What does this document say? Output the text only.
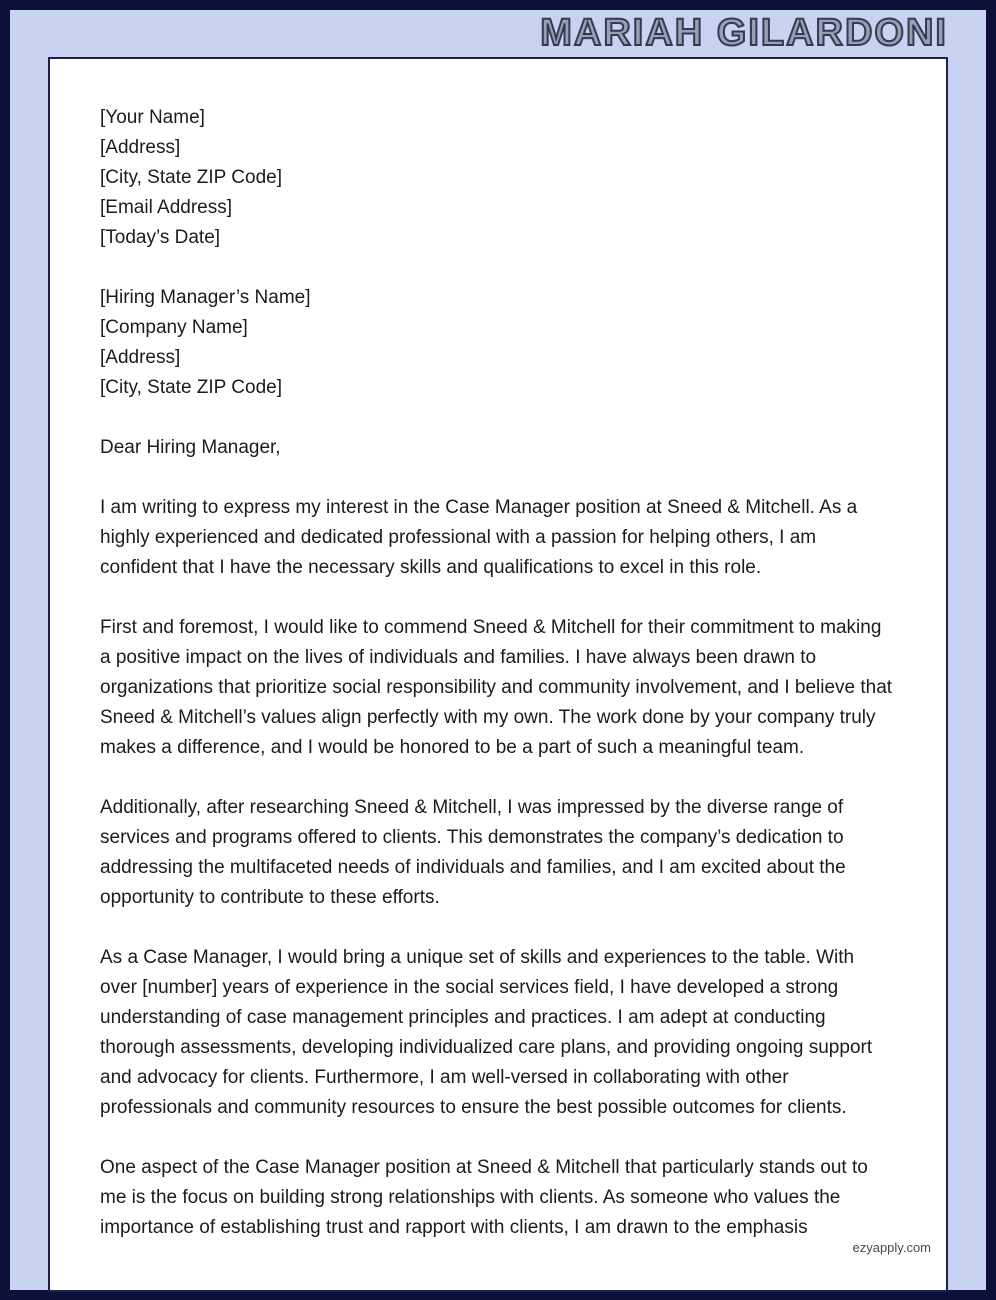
MARIAH GILARDONI

[Your Name]

[Address]

[City, State ZIP Code]

[Email Address]

[Today’s Date]

[Hiring Manager’s Name]

[Company Name]

[Address]

[City, State ZIP Code]

Dear Hiring Manager,

I am writing to express my interest in the Case Manager position at Sneed & Mitchell. As a highly experienced and dedicated professional with a passion for helping others, I am confident that I have the necessary skills and qualifications to excel in this role.

First and foremost, I would like to commend Sneed & Mitchell for their commitment to making a positive impact on the lives of individuals and families. I have always been drawn to organizations that prioritize social responsibility and community involvement, and I believe that Sneed & Mitchell’s values align perfectly with my own. The work done by your company truly makes a difference, and I would be honored to be a part of such a meaningful team.

Additionally, after researching Sneed & Mitchell, I was impressed by the diverse range of services and programs offered to clients. This demonstrates the company’s dedication to addressing the multifaceted needs of individuals and families, and I am excited about the opportunity to contribute to these efforts.

As a Case Manager, I would bring a unique set of skills and experiences to the table. With over [number] years of experience in the social services field, I have developed a strong understanding of case management principles and practices. I am adept at conducting thorough assessments, developing individualized care plans, and providing ongoing support and advocacy for clients. Furthermore, I am well-versed in collaborating with other professionals and community resources to ensure the best possible outcomes for clients.

One aspect of the Case Manager position at Sneed & Mitchell that particularly stands out to me is the focus on building strong relationships with clients. As someone who values the importance of establishing trust and rapport with clients, I am drawn to the emphasis

ezyapply.com
